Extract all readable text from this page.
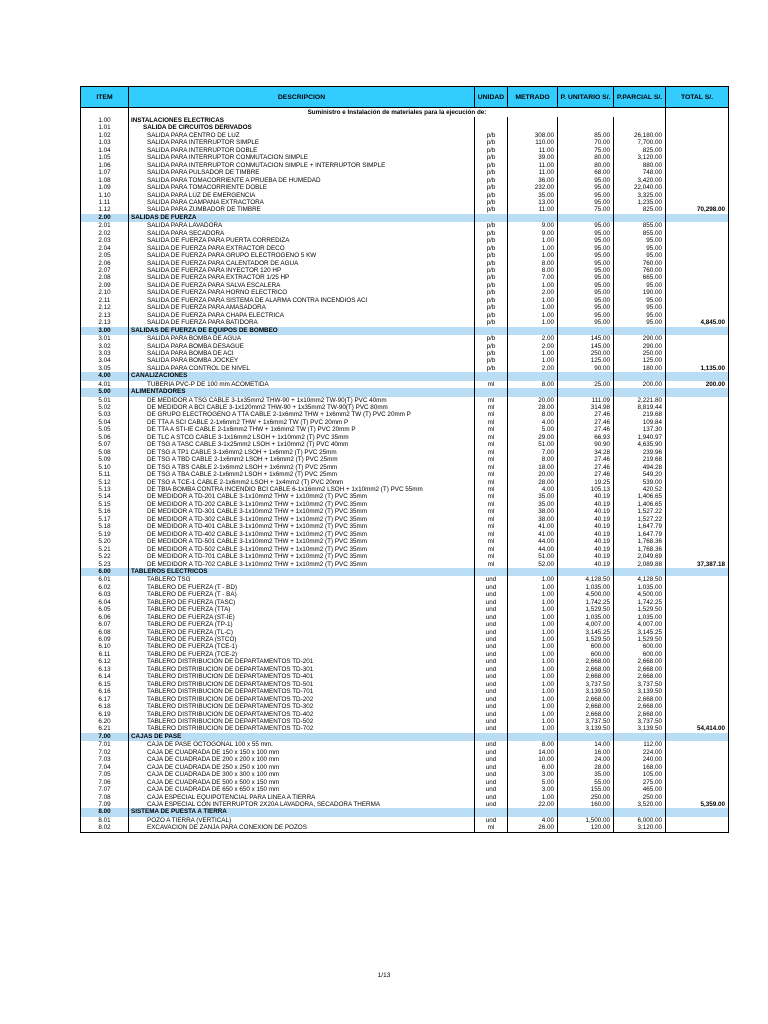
ITEM	DESCRIPCION	UNIDAD	METRADO	P. UNITARIO S/.	P.PARCIAL S/.	TOTAL S/.
	Suministro e Instalación de materiales para la ejecución de:					
1.00	INSTALACIONES ELECTRICAS					
1.01	SALIDA DE CIRCUITOS DERIVADOS					
1.02	SALIDA PARA CENTRO DE LUZ	p/b	308.00	85.00	26,180.00	
1.03	SALIDA PARA INTERRUPTOR SIMPLE	p/b	110.00	70.00	7,700.00	
1.04	SALIDA PARA INTERRUPTOR DOBLE	p/b	11.00	75.00	825.00	
1.05	SALIDA PARA INTERRUPTOR CONMUTACION SIMPLE	p/b	39.00	80.00	3,120.00	
1.06	SALIDA PARA INTERRUPTOR CONMUTACION SIMPLE + INTERRUPTOR SIMPLE	p/b	11.00	80.00	880.00	
1.07	SALIDA PARA PULSADOR DE TIMBRE	p/b	11.00	68.00	748.00	
1.08	SALIDA PARA TOMACORRIENTE A PRUEBA DE HUMEDAD	p/b	36.00	95.00	3,420.00	
1.09	SALIDA PARA TOMACORRIENTE DOBLE	p/b	232.00	95.00	22,040.00	
1.10	SALIDA PARA LUZ DE EMERGENCIA	p/b	35.00	95.00	3,325.00	
1.11	SALIDA PARA CAMPANA EXTRACTORA	p/b	13.00	95.00	1,235.00	
1.12	SALIDA PARA ZUMBADOR DE TIMBRE	p/b	11.00	75.00	825.00	70,298.00
2.00	SALIDAS DE FUERZA					
2.01	SALIDA PARA LAVADORA	p/b	9.00	95.00	855.00	
2.02	SALIDA PARA SECADORA	p/b	9.00	95.00	855.00	
2.03	SALIDA DE FUERZA PARA PUERTA CORREDIZA	p/b	1.00	95.00	95.00	
2.04	SALIDA DE FUERZA PARA EXTRACTOR DECO	p/b	1.00	95.00	95.00	
2.05	SALIDA DE FUERZA PARA GRUPO ELECTROGENO 5 KW	p/b	1.00	95.00	95.00	
2.06	SALIDA DE FUERZA PARA CALENTADOR DE AGUA	p/b	8.00	95.00	760.00	
2.07	SALIDA DE FUERZA PARA INYECTOR 120 HP	p/b	8.00	95.00	760.00	
2.08	SALIDA DE FUERZA PARA EXTRACTOR 1/25 HP	p/b	7.00	95.00	665.00	
2.09	SALIDA DE FUERZA PARA SALVA ESCALERA	p/b	1.00	95.00	95.00	
2.10	SALIDA DE FUERZA PARA HORNO ELECTRICO	p/b	2.00	95.00	190.00	
2.11	SALIDA DE FUERZA PARA SISTEMA DE ALARMA CONTRA INCENDIOS ACI	p/b	1.00	95.00	95.00	
2.12	SALIDA DE FUERZA PARA AMASADORA	p/b	1.00	95.00	95.00	
2.13	SALIDA DE FUERZA PARA CHAPA ELECTRICA	p/b	1.00	95.00	95.00	
2.13	SALIDA DE FUERZA PARA BATIDORA	p/b	1.00	95.00	95.00	4,845.00
3.00	SALIDAS DE FUERZA DE EQUIPOS DE BOMBEO					
3.01	SALIDA PARA BOMBA DE AGUA	p/b	2.00	145.00	290.00	
3.02	SALIDA PARA BOMBA DESAGUE	p/b	2.00	145.00	290.00	
3.03	SALIDA PARA BOMBA DE ACI	p/b	1.00	250.00	250.00	
3.04	SALIDA PARA BOMBA JOCKEY	p/b	1.00	125.00	125.00	
3.05	SALIDA PARA CONTROL DE NIVEL	p/b	2.00	90.00	180.00	1,135.00
4.00	CANALIZACIONES					
4.01	TUBERIA PVC-P DE 100 mm ACOMETIDA	ml	8.00	25.00	200.00	200.00
5.00	ALIMENTADORES					
5.01	DE MEDIDOR A TSG CABLE 3-1x35mm2 THW-90 + 1x10mm2 TW-90(T) PVC 40mm	ml	20.00	111.09	2,221.80	
5.02	DE MEDIDOR A BCI CABLE 3-1x120mm2 THW-90 + 1x35mm2 TW-90(T) PVC 80mm	ml	28.00	314.98	8,819.44	
5.03	DE GRUPO ELECTROGENO A TTA CABLE 2-1x6mm2 THW + 1x6mm2 TW (T) PVC 20mm P	ml	8.00	27.46	219.68	
5.04	DE TTA A SCI CABLE 2-1x6mm2 THW + 1x6mm2 TW (T) PVC 20mm P	ml	4.00	27.46	109.84	
5.05	DE TTA A STI-IE CABLE 2-1x6mm2 THW + 1x6mm2 TW (T) PVC 20mm P	ml	5.00	27.46	137.30	
5.06	DE TLC A STCO CABLE 3-1x16mm2 LSOH + 1x10mm2 (T) PVC 35mm	ml	29.00	66.93	1,940.97	
5.07	DE TSG A TASC CABLE 3-1x25mm2 LSOH + 1x10mm2 (T) PVC 40mm	ml	51.00	90.90	4,635.90	
5.08	DE TSG A TP1 CABLE 3-1x6mm2 LSOH + 1x6mm2 (T) PVC 25mm	ml	7.00	34.28	239.96	
5.09	DE TSG A TBD CABLE 2-1x6mm2 LSOH + 1x6mm2 (T) PVC 25mm	ml	8.00	27.46	219.68	
5.10	DE TSG A TBS CABLE 2-1x6mm2 LSOH + 1x6mm2 (T) PVC 25mm	ml	18.00	27.46	494.28	
5.11	DE TSG A TBA CABLE 2-1x6mm2 LSOH + 1x6mm2 (T) PVC 25mm	ml	20.00	27.46	549.20	
5.12	DE TSG A TCE-1 CABLE 2-1x6mm2 LSOH + 1x4mm2 (T) PVC 20mm	ml	28.00	19.25	539.00	
5.13	DE TBIA BOMBA CONTRA INCENDIO BCI CABLE 6-1x16mm2 LSOH + 1x10mm2 (T) PVC 55mm	ml	4.00	105.13	420.52	
5.14	DE MEDIDOR A TD-201 CABLE 3-1x10mm2 THW + 1x10mm2 (T) PVC 35mm	ml	35.00	40.19	1,406.65	
5.15	DE MEDIDOR A TD-202 CABLE 3-1x10mm2 THW + 1x10mm2 (T) PVC 35mm	ml	35.00	40.19	1,406.65	
5.16	DE MEDIDOR A TD-301 CABLE 3-1x10mm2 THW + 1x10mm2 (T) PVC 35mm	ml	38.00	40.19	1,527.22	
5.17	DE MEDIDOR A TD-302 CABLE 3-1x10mm2 THW + 1x10mm2 (T) PVC 35mm	ml	38.00	40.19	1,527.22	
5.18	DE MEDIDOR A TD-401 CABLE 3-1x10mm2 THW + 1x10mm2 (T) PVC 35mm	ml	41.00	40.19	1,647.79	
5.19	DE MEDIDOR A TD-402 CABLE 3-1x10mm2 THW + 1x10mm2 (T) PVC 35mm	ml	41.00	40.19	1,647.79	
5.20	DE MEDIDOR A TD-501 CABLE 3-1x10mm2 THW + 1x10mm2 (T) PVC 35mm	ml	44.00	40.19	1,768.36	
5.21	DE MEDIDOR A TD-502 CABLE 3-1x10mm2 THW + 1x10mm2 (T) PVC 35mm	ml	44.00	40.19	1,768.36	
5.22	DE MEDIDOR A TD-701 CABLE 3-1x10mm2 THW + 1x10mm2 (T) PVC 35mm	ml	51.00	40.19	2,049.69	
5.23	DE MEDIDOR A TD-702 CABLE 3-1x10mm2 THW + 1x10mm2 (T) PVC 35mm	ml	52.00	40.19	2,089.88	37,387.18
6.00	TABLEROS ELECTRICOS					
6.01	TABLERO TSG	und	1.00	4,128.50	4,128.50	
6.02	TABLERO DE FUERZA (T - BD)	und	1.00	1,035.00	1,035.00	
6.03	TABLERO DE FUERZA (T - BA)	und	1.00	4,500.00	4,500.00	
6.04	TABLERO DE FUERZA (TASC)	und	1.00	1,742.25	1,742.25	
6.05	TABLERO DE FUERZA (TTA)	und	1.00	1,529.50	1,529.50	
6.06	TABLERO DE FUERZA (ST-IE)	und	1.00	1,035.00	1,035.00	
6.07	TABLERO DE FUERZA (TP-1)	und	1.00	4,007.00	4,007.00	
6.08	TABLERO DE FUERZA (TL-C)	und	1.00	3,145.25	3,145.25	
6.09	TABLERO DE FUERZA (STCO)	und	1.00	1,529.50	1,529.50	
6.10	TABLERO DE FUERZA (TCE-1)	und	1.00	600.00	600.00	
6.11	TABLERO DE FUERZA (TCE-2)	und	1.00	600.00	600.00	
6.12	TABLERO DISTRIBUCION DE DEPARTAMENTOS TD-201	und	1.00	2,668.00	2,668.00	
6.13	TABLERO DISTRIBUCION DE DEPARTAMENTOS TD-301	und	1.00	2,668.00	2,668.00	
6.14	TABLERO DISTRIBUCION DE DEPARTAMENTOS TD-401	und	1.00	2,668.00	2,668.00	
6.15	TABLERO DISTRIBUCION DE DEPARTAMENTOS TD-501	und	1.00	3,737.50	3,737.50	
6.16	TABLERO DISTRIBUCION DE DEPARTAMENTOS TD-701	und	1.00	3,139.50	3,139.50	
6.17	TABLERO DISTRIBUCION DE DEPARTAMENTOS TD-202	und	1.00	2,668.00	2,668.00	
6.18	TABLERO DISTRIBUCION DE DEPARTAMENTOS TD-302	und	1.00	2,668.00	2,668.00	
6.19	TABLERO DISTRIBUCION DE DEPARTAMENTOS TD-402	und	1.00	2,668.00	2,668.00	
6.20	TABLERO DISTRIBUCION DE DEPARTAMENTOS TD-502	und	1.00	3,737.50	3,737.50	
6.21	TABLERO DISTRIBUCION DE DEPARTAMENTOS TD-702	und	1.00	3,139.50	3,139.50	54,414.00
7.00	CAJAS DE PASE					
7.01	CAJA DE PASE OCTOGONAL 100 x 55 mm.	und	8.00	14.00	112.00	
7.02	CAJA DE CUADRADA DE 150 x 150 x 100 mm	und	14.00	16.00	224.00	
7.03	CAJA DE CUADRADA DE 200 x 200 x 100 mm	und	10.00	24.00	240.00	
7.04	CAJA DE CUADRADA DE 250 x 250 x 100 mm	und	6.00	28.00	168.00	
7.05	CAJA DE CUADRADA DE 300 x 300 x 100 mm	und	3.00	35.00	105.00	
7.06	CAJA DE CUADRADA DE 500 x 500 x 150 mm	und	5.00	55.00	275.00	
7.07	CAJA DE CUADRADA DE 650 x 650 x 150 mm	und	3.00	155.00	465.00	
7.08	CAJA ESPECIAL EQUIPOTENCIAL PARA LINEA A TIERRA	und	1.00	250.00	250.00	
7.09	CAJA ESPECIAL CON INTERRUPTOR 2X20A LAVADORA, SECADORA THERMA	und	22.00	160.00	3,520.00	5,359.00
8.00	SISTEMA DE PUESTA A TIERRA					
8.01	POZO A TIERRA (VERTICAL)	und	4.00	1,500.00	6,000.00	
8.02	EXCAVACION DE ZANJA PARA CONEXION DE POZOS	ml	26.00	120.00	3,120.00	
1/13
